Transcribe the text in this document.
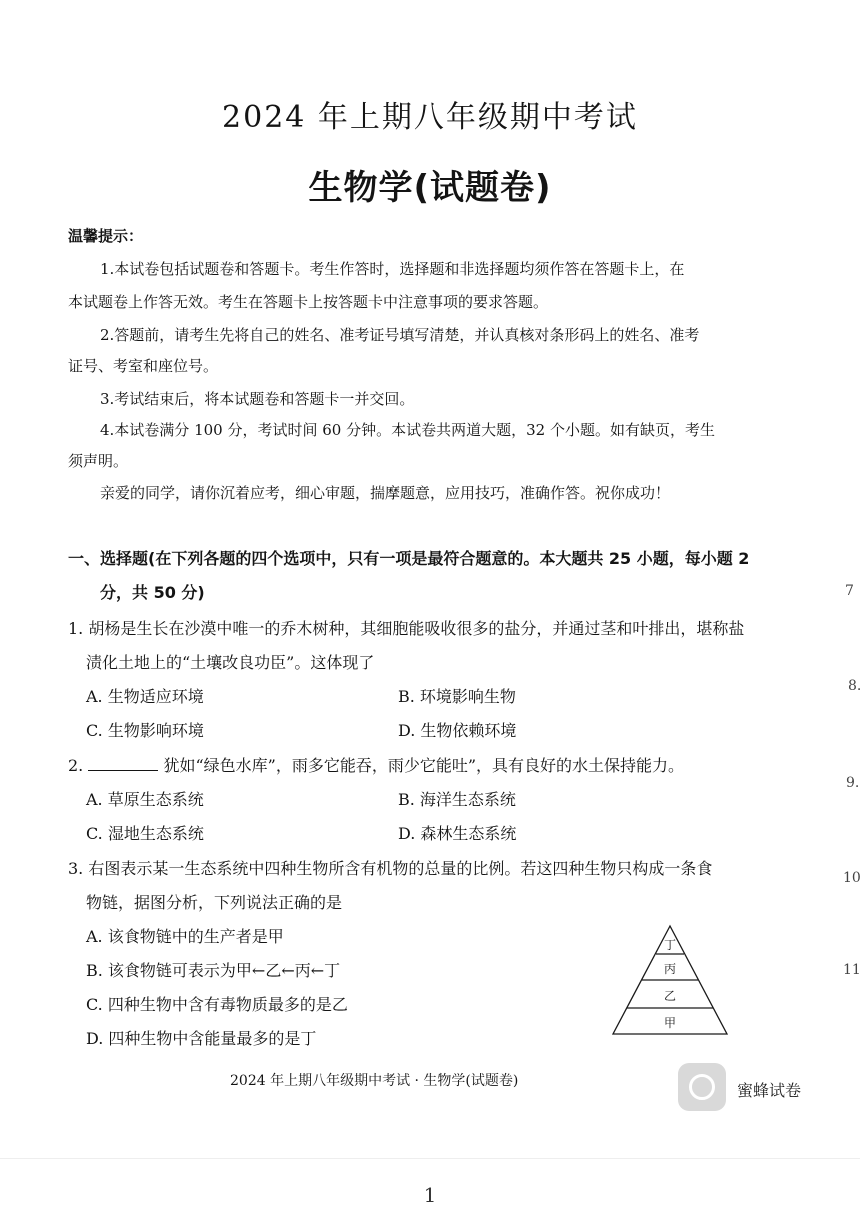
2024 年上期八年级期中考试
生物学(试题卷)
温馨提示：
1.本试卷包括试题卷和答题卡。考生作答时，选择题和非选择题均须作答在答题卡上，在
本试题卷上作答无效。考生在答题卡上按答题卡中注意事项的要求答题。
2.答题前，请考生先将自己的姓名、准考证号填写清楚，并认真核对条形码上的姓名、准考
证号、考室和座位号。
3.考试结束后，将本试题卷和答题卡一并交回。
4.本试卷满分 100 分，考试时间 60 分钟。本试卷共两道大题，32 个小题。如有缺页，考生
须声明。
亲爱的同学，请你沉着应考，细心审题，揣摩题意，应用技巧，准确作答。祝你成功！
一、选择题(在下列各题的四个选项中，只有一项是最符合题意的。本大题共 25 小题，每小题 2
分，共 50 分)
1. 胡杨是生长在沙漠中唯一的乔木树种，其细胞能吸收很多的盐分，并通过茎和叶排出，堪称盐
渍化土地上的“土壤改良功臣”。这体现了
A. 生物适应环境	B. 环境影响生物
C. 生物影响环境	D. 生物依赖环境
2.	犹如“绿色水库”，雨多它能吞，雨少它能吐”，具有良好的水土保持能力。
A. 草原生态系统	B. 海洋生态系统
C. 湿地生态系统	D. 森林生态系统
3. 右图表示某一生态系统中四种生物所含有机物的总量的比例。若这四种生物只构成一条食
物链，据图分析，下列说法正确的是
A. 该食物链中的生产者是甲
B. 该食物链可表示为甲←乙←丙←丁
C. 四种生物中含有毒物质最多的是乙
D. 四种生物中含能量最多的是丁
丁
丙
乙
甲
2024 年上期八年级期中考试 · 生物学(试题卷)	蜜蜂试卷
1
7
8.
9.
10
11
